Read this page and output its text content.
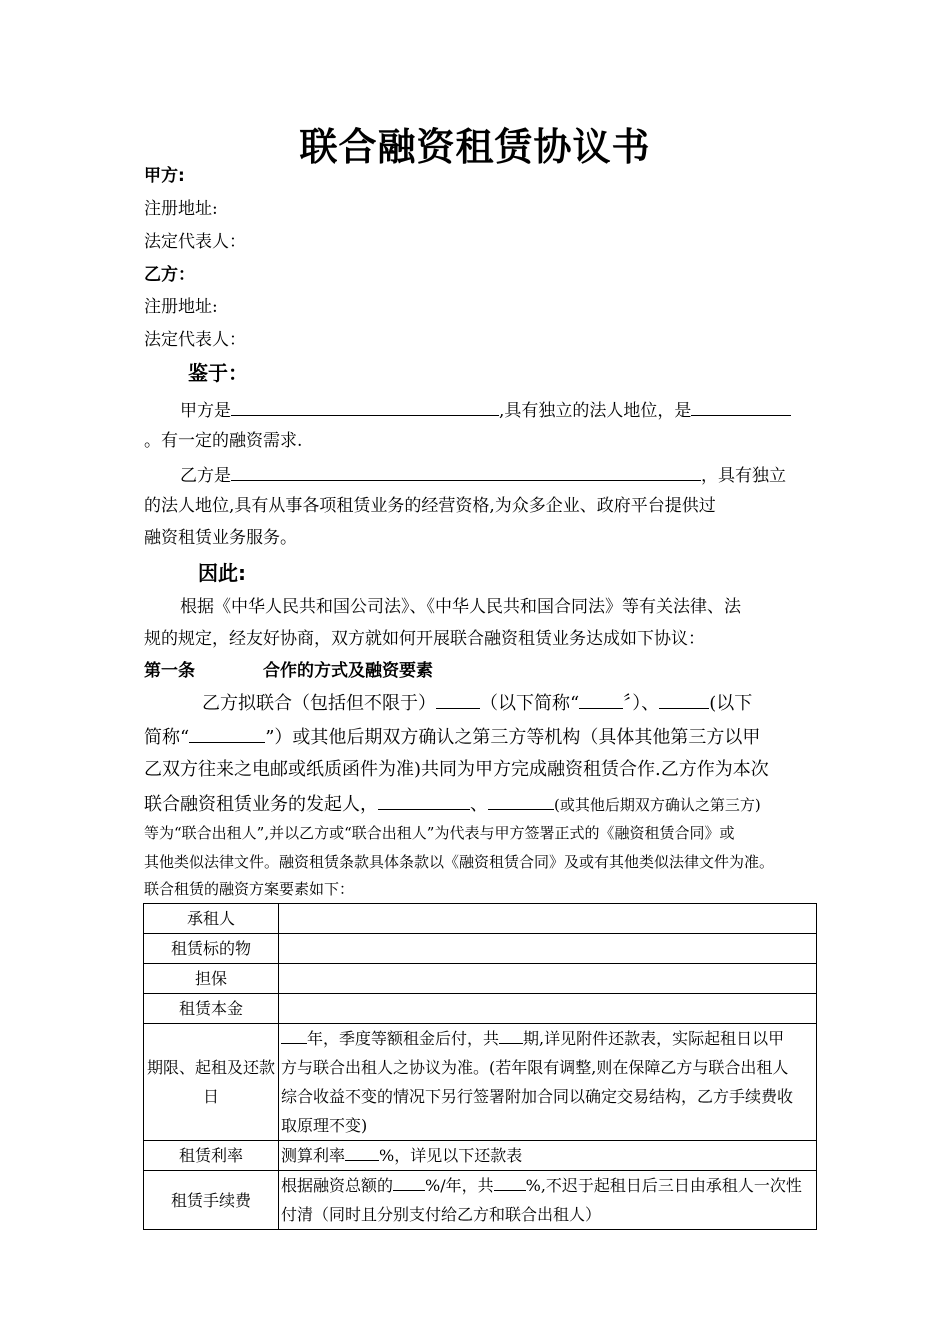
联合融资租赁协议书
甲方:
注册地址:
法定代表人：
乙方：
注册地址:
法定代表人：
鉴于：
甲方是	,具有独立的法人地位，是
。有一定的融资需求.
乙方是	，具有独立
的法人地位,具有从事各项租赁业务的经营资格,为众多企业、政府平台提供过
融资租赁业务服务。
因此:
根据《中华人民共和国公司法》、《中华人民共和国合同法》等有关法律、法
规的规定，经友好协商，双方就如何开展联合融资租赁业务达成如下协议：
第一条	合作的方式及融资要素
乙方拟联合（包括但不限于） （以下简称“ 〞）、	(以下
简称“	”）或其他后期双方确认之第三方等机构（具体其他第三方以甲
乙双方往来之电邮或纸质函件为准)共同为甲方完成融资租赁合作.乙方作为本次
联合融资租赁业务的发起人，	、	(或其他后期双方确认之第三方)
等为“联合出租人”,并以乙方或“联合出租人”为代表与甲方签署正式的《融资租赁合同》或
其他类似法律文件。融资租赁条款具体条款以《融资租赁合同》及或有其他类似法律文件为准。
联合租赁的融资方案要素如下：
承租人	
租赁标的物	
担保	
租赁本金	
期限、起租及还款日	年，季度等额租金后付，共 期,详见附件还款表，实际起租日以甲
方与联合出租人之协议为准。(若年限有调整,则在保障乙方与联合出租人
综合收益不变的情况下另行签署附加合同以确定交易结构，乙方手续费收
取原理不变)

租赁利率	测算利率 %，详见以下还款表
租赁手续费	根据融资总额的 %/年，共 %,不迟于起租日后三日由承租人一次性
付清（同时且分别支付给乙方和联合出租人）
